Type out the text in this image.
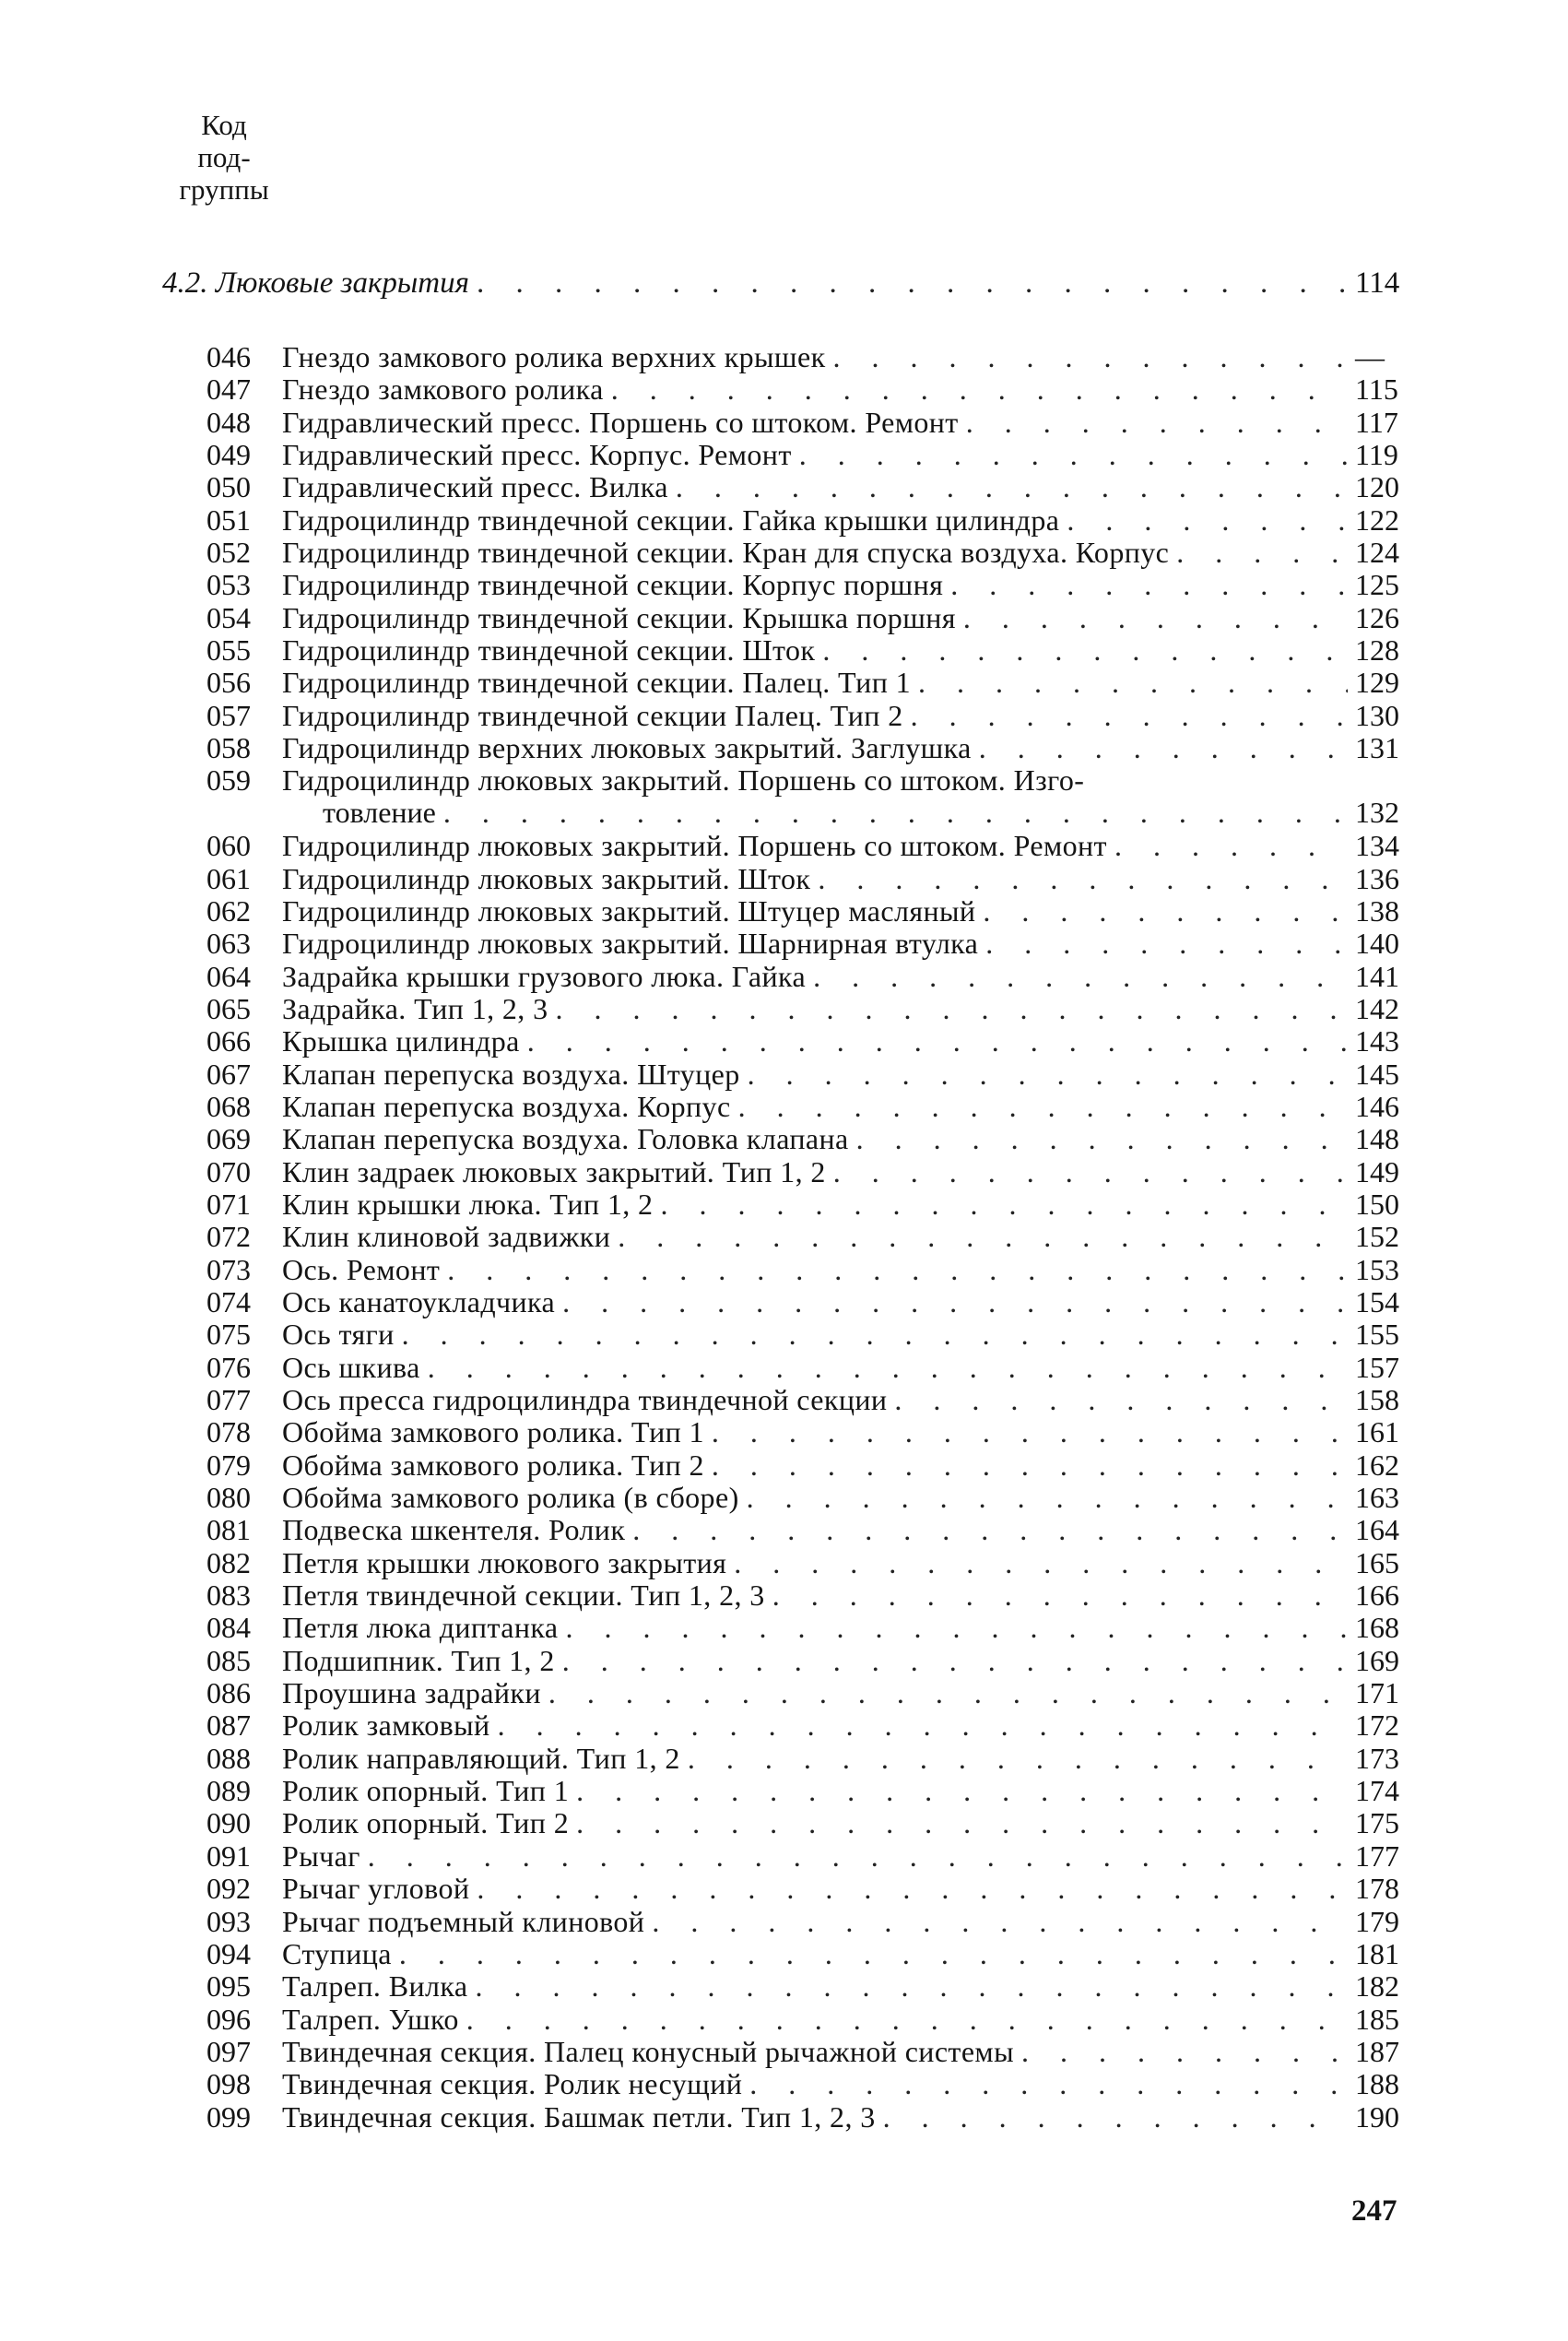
Код
под-
группы
4.2. Люковые закрытия . . .	114
046	Гнездо замкового ролика верхних крышек . . .	—
047	Гнездо замкового ролика . . .	115
048	Гидравлический пресс. Поршень со штоком. Ремонт . . .	117
049	Гидравлический пресс. Корпус. Ремонт . . .	119
050	Гидравлический пресс. Вилка . . .	120
051	Гидроцилиндр твиндечной секции. Гайка крышки цилиндра . . .	122
052	Гидроцилиндр твиндечной секции. Кран для спуска воздуха. Корпус . . .	124
053	Гидроцилиндр твиндечной секции. Корпус поршня . . .	125
054	Гидроцилиндр твиндечной секции. Крышка поршня . . .	126
055	Гидроцилиндр твиндечной секции. Шток . . .	128
056	Гидроцилиндр твиндечной секции. Палец. Тип 1 . . .	129
057	Гидроцилиндр твиндечной секции Палец. Тип 2 . . .	130
058	Гидроцилиндр верхних люковых закрытий. Заглушка . . .	131
059	Гидроцилиндр люковых закрытий. Поршень со штоком. Изго-
товление . . .	132
060	Гидроцилиндр люковых закрытий. Поршень со штоком. Ремонт . . .	134
061	Гидроцилиндр люковых закрытий. Шток . . .	136
062	Гидроцилиндр люковых закрытий. Штуцер масляный . . .	138
063	Гидроцилиндр люковых закрытий. Шарнирная втулка . . .	140
064	Задрайка крышки грузового люка. Гайка . . .	141
065	Задрайка. Тип 1, 2, 3 . . .	142
066	Крышка цилиндра . . .	143
067	Клапан перепуска воздуха. Штуцер . . .	145
068	Клапан перепуска воздуха. Корпус . . .	146
069	Клапан перепуска воздуха. Головка клапана . . .	148
070	Клин задраек люковых закрытий. Тип 1, 2 . . .	149
071	Клин крышки люка. Тип 1, 2 . . .	150
072	Клин клиновой задвижки . . .	152
073	Ось. Ремонт . . .	153
074	Ось канатоукладчика . . .	154
075	Ось тяги . . .	155
076	Ось шкива . . .	157
077	Ось пресса гидроцилиндра твиндечной секции . . .	158
078	Обойма замкового ролика. Тип 1 . . .	161
079	Обойма замкового ролика. Тип 2 . . .	162
080	Обойма замкового ролика (в сборе) . . .	163
081	Подвеска шкентеля. Ролик . . .	164
082	Петля крышки люкового закрытия . . .	165
083	Петля твиндечной секции. Тип 1, 2, 3 . . .	166
084	Петля люка диптанка . . .	168
085	Подшипник. Тип 1, 2 . . .	169
086	Проушина задрайки . . .	171
087	Ролик замковый . . .	172
088	Ролик направляющий. Тип 1, 2 . . .	173
089	Ролик опорный. Тип 1 . . .	174
090	Ролик опорный. Тип 2 . . .	175
091	Рычаг . . .	177
092	Рычаг угловой . . .	178
093	Рычаг подъемный клиновой . . .	179
094	Ступица . . .	181
095	Талреп. Вилка . . .	182
096	Талреп. Ушко . . .	185
097	Твиндечная секция. Палец конусный рычажной системы . . .	187
098	Твиндечная секция. Ролик несущий . . .	188
099	Твиндечная секция. Башмак петли. Тип 1, 2, 3 . . .	190
247
